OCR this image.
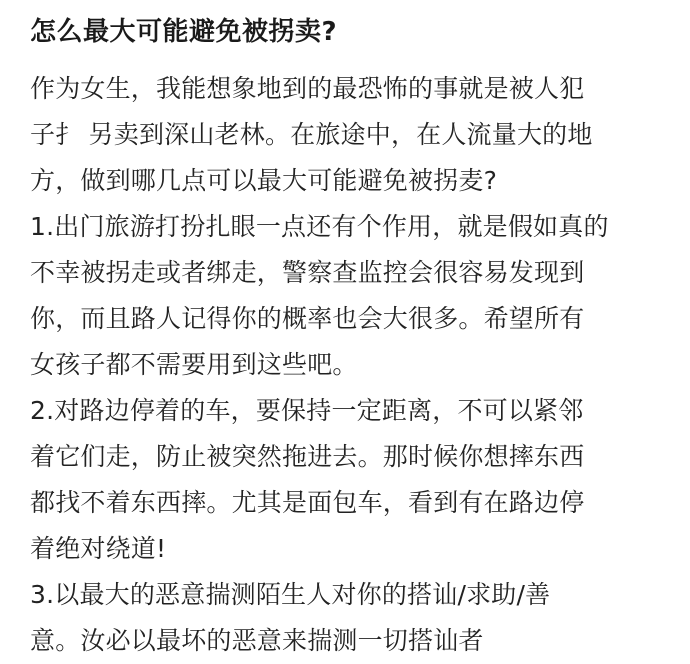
怎么最大可能避免被拐卖?
作为女生，我能想象地到的最恐怖的事就是被人犯
子扌 另卖到深山老林。在旅途中，在人流量大的地
方，做到哪几点可以最大可能避免被拐麦?
1.出门旅游打扮扎眼一点还有个作用，就是假如真的
不幸被拐走或者绑走，警察查监控会很容易发现到
你，而且路人记得你的概率也会大很多。希望所有
女孩子都不需要用到这些吧。
2.对路边停着的车，要保持一定距离，不可以紧邻
着它们走，防止被突然拖进去。那时候你想摔东西
都找不着东西摔。尤其是面包车，看到有在路边停
着绝对绕道!
3.以最大的恶意揣测陌生人对你的搭讪/求助/善
意。汝必以最坏的恶意来揣测一切搭讪者
